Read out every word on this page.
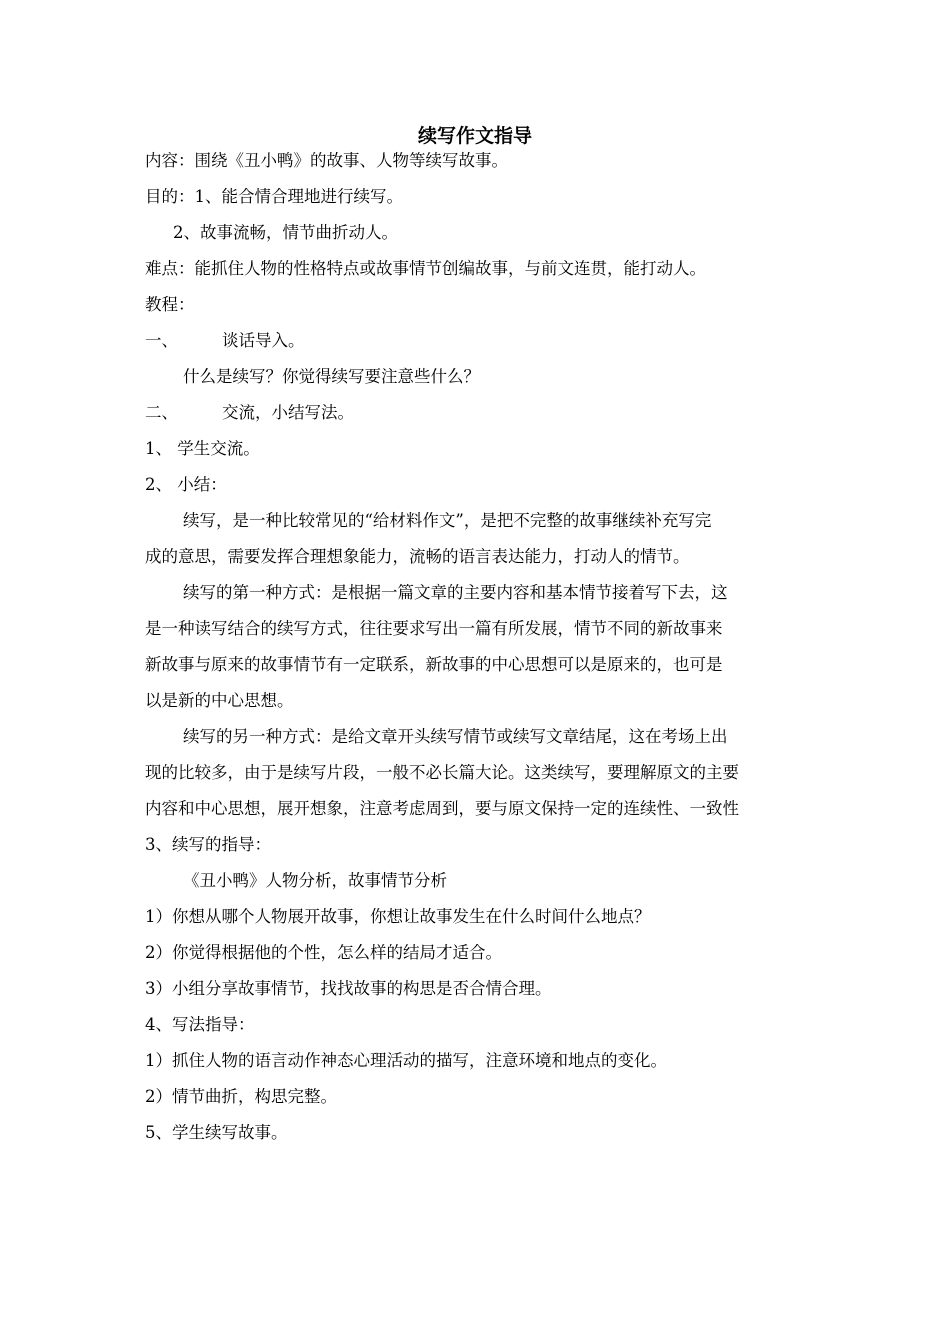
续写作文指导
内容：围绕《丑小鸭》的故事、人物等续写故事。
目的：1、能合情合理地进行续写。
2、故事流畅，情节曲折动人。
难点：能抓住人物的性格特点或故事情节创编故事，与前文连贯，能打动人。
教程：
一、	谈话导入。
什么是续写？你觉得续写要注意些什么？
二、	交流，小结写法。
1、 学生交流。
2、 小结：
续写，是一种比较常见的“给材料作文”，是把不完整的故事继续补充写完
成的意思，需要发挥合理想象能力，流畅的语言表达能力，打动人的情节。
续写的第一种方式：是根据一篇文章的主要内容和基本情节接着写下去，这
是一种读写结合的续写方式，往往要求写出一篇有所发展，情节不同的新故事来
新故事与原来的故事情节有一定联系，新故事的中心思想可以是原来的，也可是
以是新的中心思想。
续写的另一种方式：是给文章开头续写情节或续写文章结尾，这在考场上出
现的比较多，由于是续写片段，一般不必长篇大论。这类续写，要理解原文的主要
内容和中心思想，展开想象，注意考虑周到，要与原文保持一定的连续性、一致性
3、续写的指导：
《丑小鸭》人物分析，故事情节分析
1）你想从哪个人物展开故事，你想让故事发生在什么时间什么地点？
2）你觉得根据他的个性，怎么样的结局才适合。
3）小组分享故事情节，找找故事的构思是否合情合理。
4、写法指导：
1）抓住人物的语言动作神态心理活动的描写，注意环境和地点的变化。
2）情节曲折，构思完整。
5、学生续写故事。
